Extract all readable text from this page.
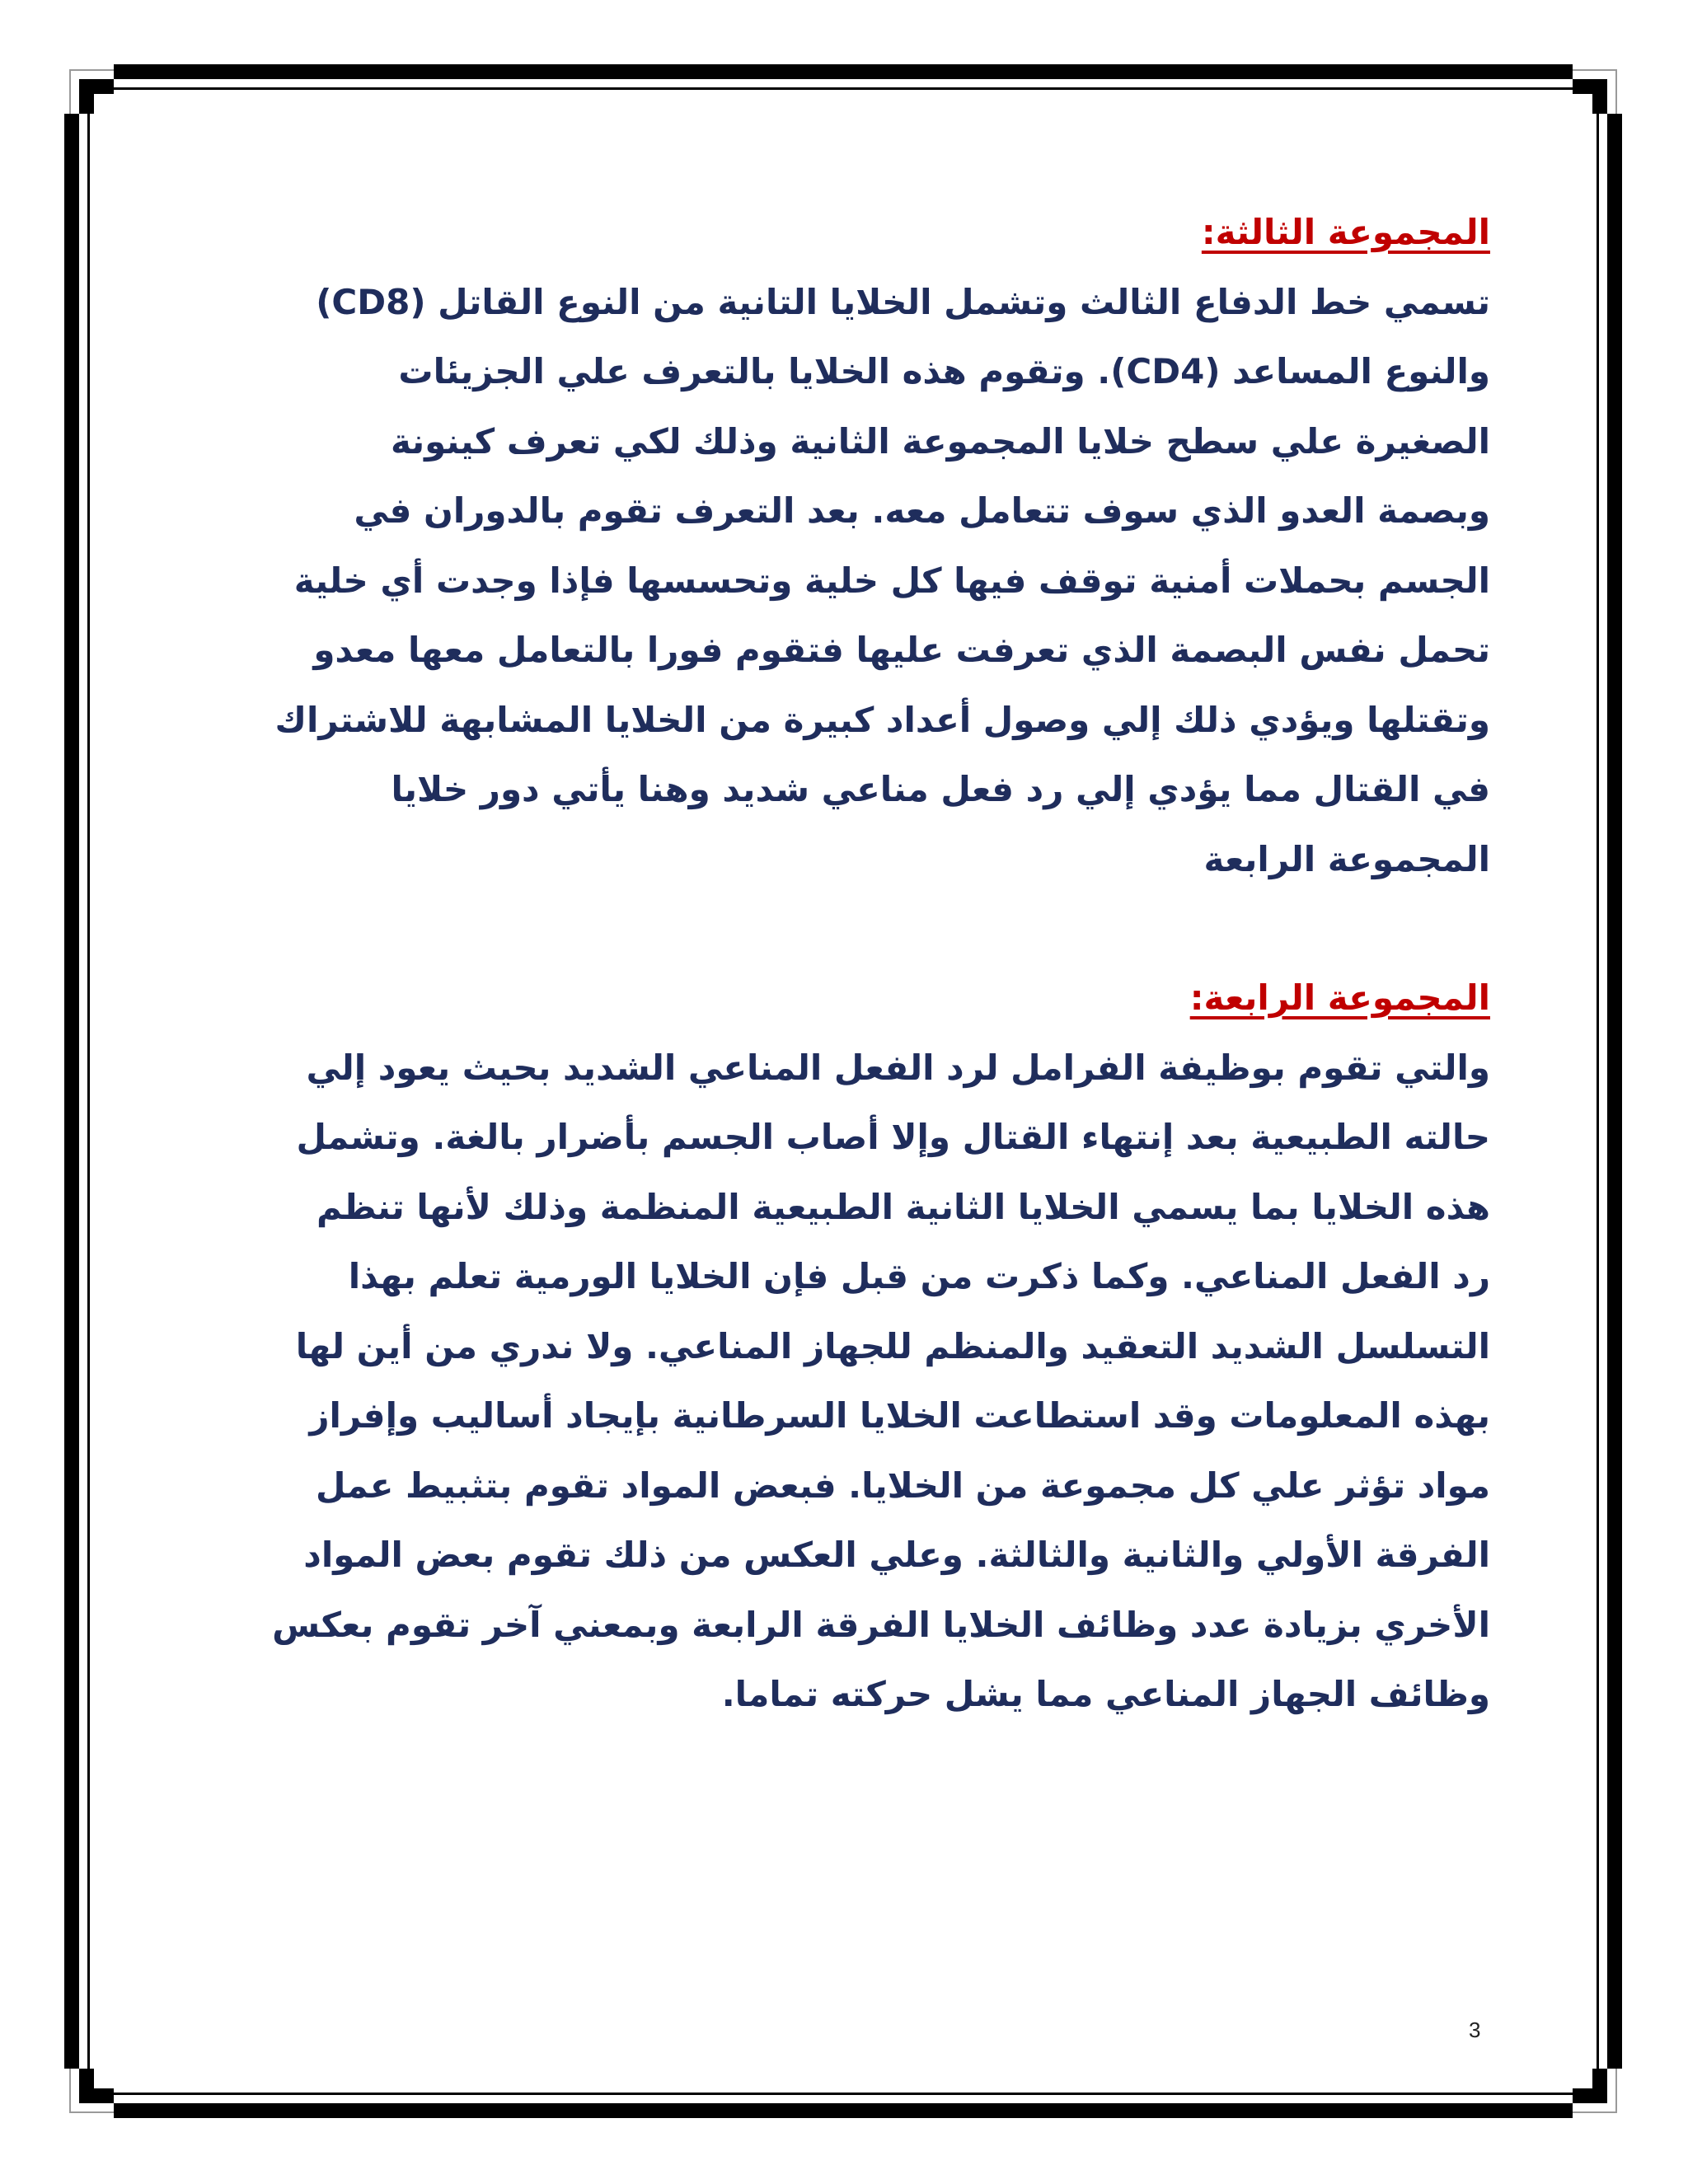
المجموعة الثالثة:

تسمي خط الدفاع الثالث وتشمل الخلايا التانية من النوع القاتل (CD8)

والنوع المساعد (CD4). وتقوم هذه الخلايا بالتعرف علي الجزيئات

الصغيرة علي سطح خلايا المجموعة الثانية وذلك لكي تعرف كينونة

وبصمة العدو الذي سوف تتعامل معه. بعد التعرف تقوم بالدوران في

الجسم بحملات أمنية توقف فيها كل خلية وتحسسها فإذا وجدت أي خلية

تحمل نفس البصمة الذي تعرفت عليها فتقوم فورا بالتعامل معها معدو

وتقتلها ويؤدي ذلك إلي وصول أعداد كبيرة من الخلايا المشابهة للاشتراك

في القتال مما يؤدي إلي رد فعل مناعي شديد وهنا يأتي دور خلايا

المجموعة الرابعة

المجموعة الرابعة:

والتي تقوم بوظيفة الفرامل لرد الفعل المناعي الشديد بحيث يعود إلي

حالته الطبيعية بعد إنتهاء القتال وإلا أصاب الجسم بأضرار بالغة. وتشمل

هذه الخلايا بما يسمي الخلايا الثانية الطبيعية المنظمة وذلك لأنها تنظم

رد الفعل المناعي. وكما ذكرت من قبل فإن الخلايا الورمية تعلم بهذا

التسلسل الشديد التعقيد والمنظم للجهاز المناعي. ولا ندري من أين لها

بهذه المعلومات وقد استطاعت الخلايا السرطانية بإيجاد أساليب وإفراز

مواد تؤثر علي كل مجموعة من الخلايا. فبعض المواد تقوم بتثبيط عمل

الفرقة الأولي والثانية والثالثة. وعلي العكس من ذلك تقوم بعض المواد

الأخري بزيادة عدد وظائف الخلايا الفرقة الرابعة وبمعني آخر تقوم بعكس

وظائف الجهاز المناعي مما يشل حركته تماما.

3
